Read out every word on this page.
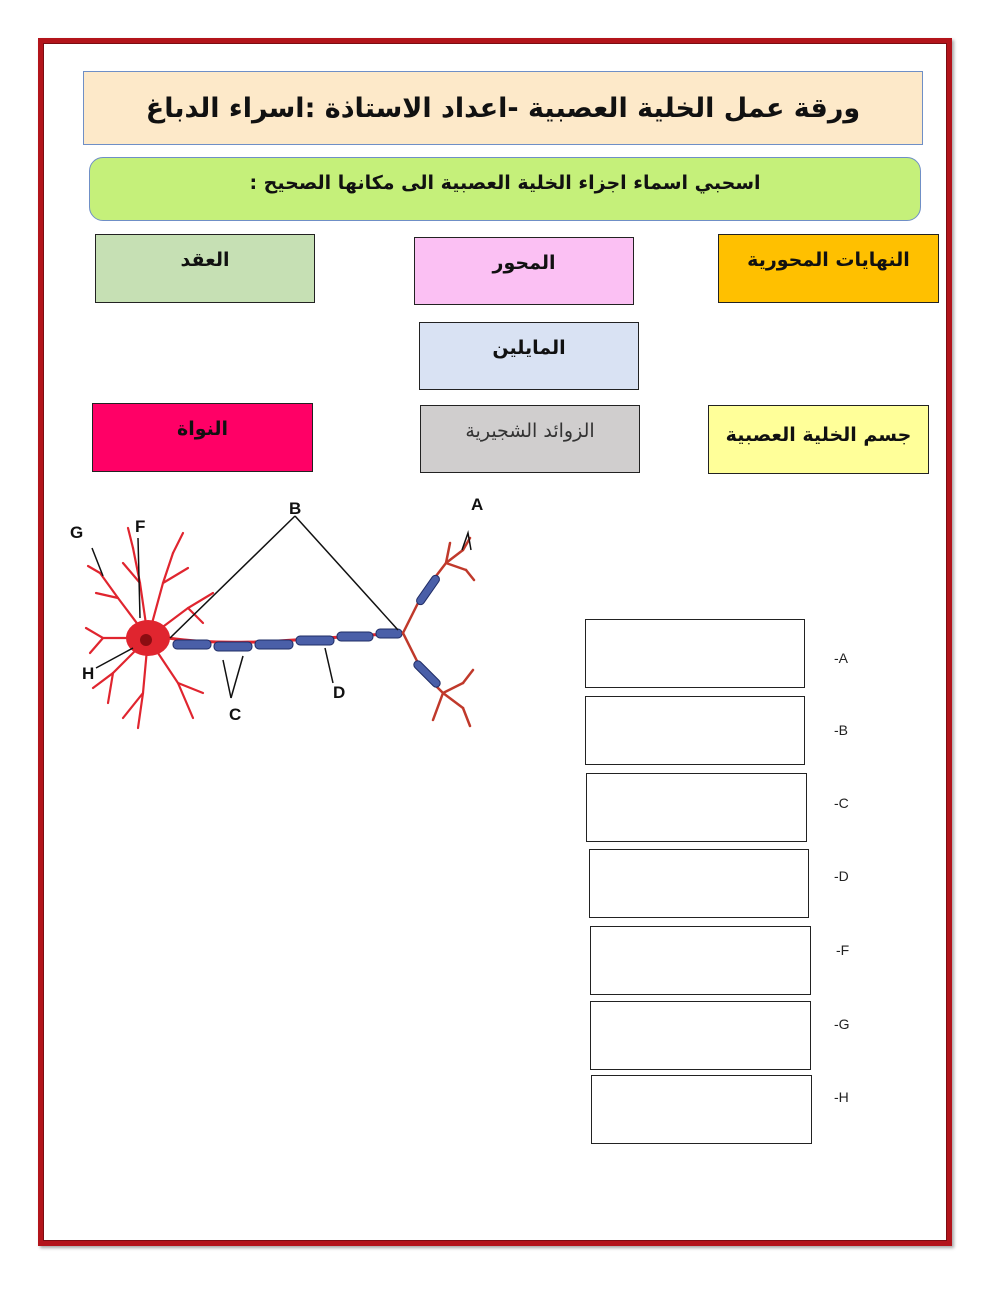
ورقة عمل الخلية العصبية -اعداد الاستاذة :اسراء الدباغ
اسحبي اسماء اجزاء الخلية العصبية الى مكانها الصحيح :
العقد	المحور	النهايات المحورية
المايلين
النواة	الزوائد الشجيرية	جسم الخلية العصبية
G	F
B	A
H
C
D
-A
-B
-C
-D
-F
-G
-H
